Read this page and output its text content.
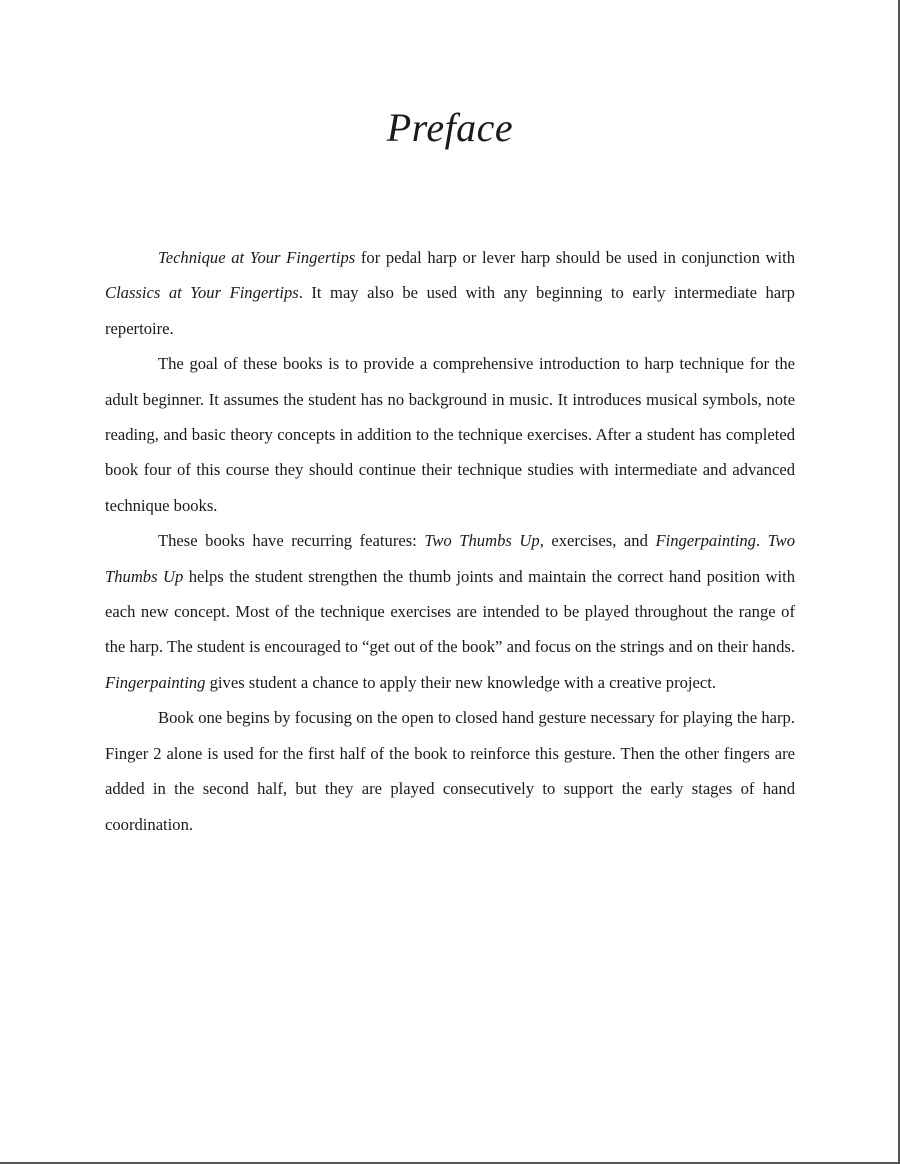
Preface

Technique at Your Fingertips for pedal harp or lever harp should be used in conjunction with Classics at Your Fingertips. It may also be used with any beginning to early intermediate harp repertoire.

The goal of these books is to provide a comprehensive introduction to harp technique for the adult beginner. It assumes the student has no background in music. It introduces musical symbols, note reading, and basic theory concepts in addition to the technique exercises. After a student has completed book four of this course they should continue their technique studies with intermediate and advanced technique books.

These books have recurring features: Two Thumbs Up, exercises, and Fingerpainting. Two Thumbs Up helps the student strengthen the thumb joints and maintain the correct hand position with each new concept. Most of the technique exercises are intended to be played throughout the range of the harp. The student is encouraged to “get out of the book” and focus on the strings and on their hands. Fingerpainting gives student a chance to apply their new knowledge with a creative project.

Book one begins by focusing on the open to closed hand gesture necessary for playing the harp. Finger 2 alone is used for the first half of the book to reinforce this gesture. Then the other fingers are added in the second half, but they are played consecutively to support the early stages of hand coordination.
